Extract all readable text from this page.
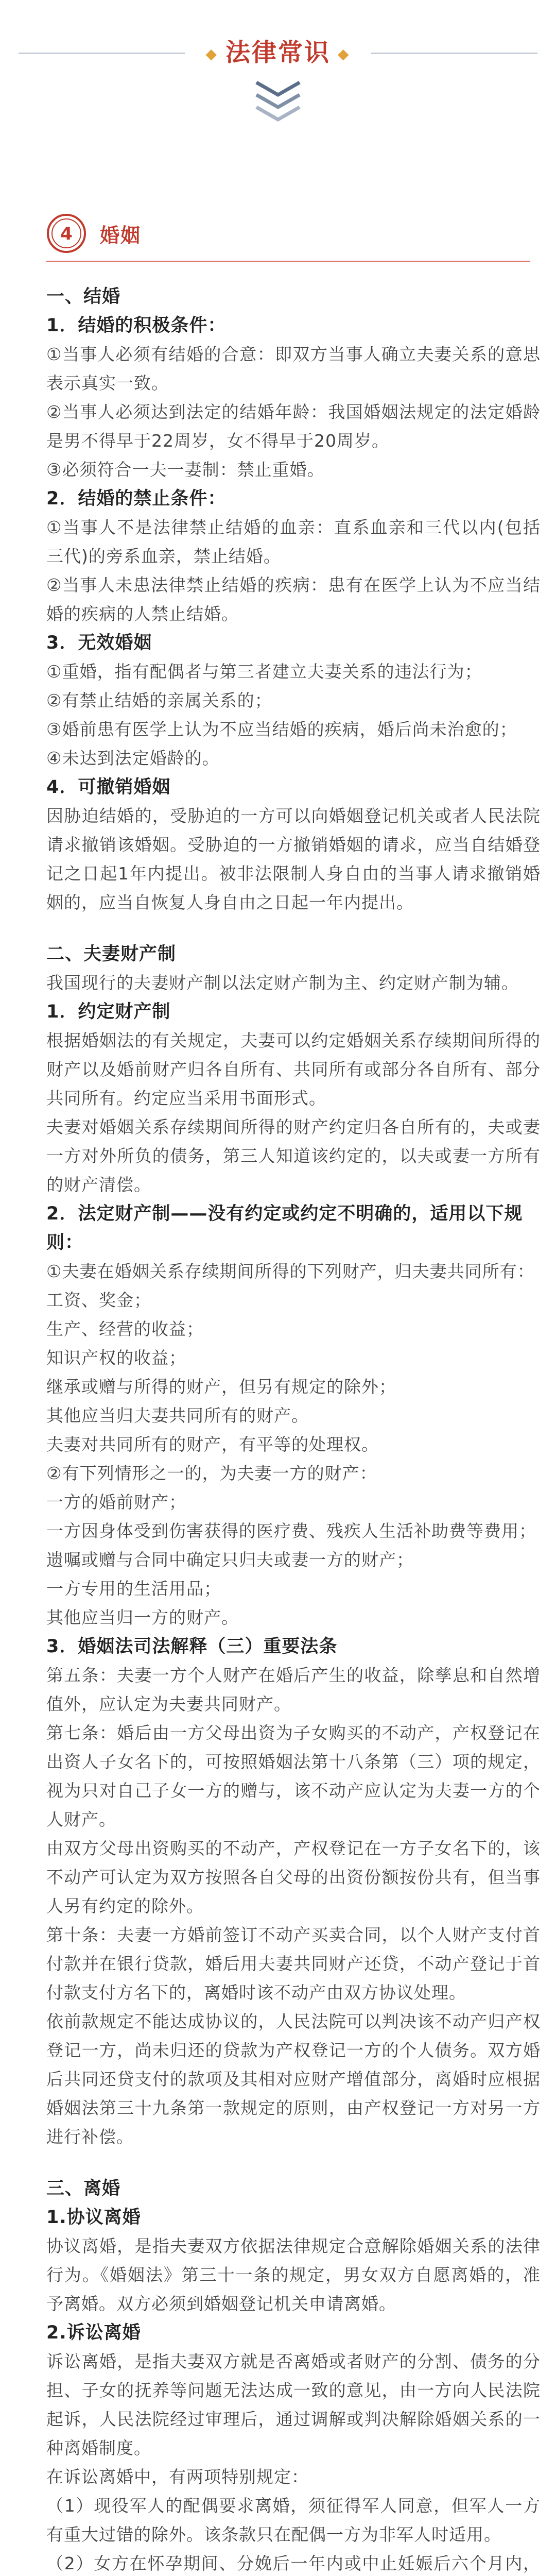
◆ 法律常识 ◆
4 婚姻

一、结婚

1．结婚的积极条件：

①当事人必须有结婚的合意：即双方当事人确立夫妻关系的意思表示真实一致。

②当事人必须达到法定的结婚年龄：我国婚姻法规定的法定婚龄是男不得早于22周岁，女不得早于20周岁。

③必须符合一夫一妻制：禁止重婚。

2．结婚的禁止条件：

①当事人不是法律禁止结婚的血亲：直系血亲和三代以内(包括三代)的旁系血亲，禁止结婚。

②当事人未患法律禁止结婚的疾病：患有在医学上认为不应当结婚的疾病的人禁止结婚。

3．无效婚姻

①重婚，指有配偶者与第三者建立夫妻关系的违法行为；

②有禁止结婚的亲属关系的；

③婚前患有医学上认为不应当结婚的疾病，婚后尚未治愈的；

④未达到法定婚龄的。

4．可撤销婚姻

因胁迫结婚的，受胁迫的一方可以向婚姻登记机关或者人民法院请求撤销该婚姻。受胁迫的一方撤销婚姻的请求，应当自结婚登记之日起1年内提出。被非法限制人身自由的当事人请求撤销婚姻的，应当自恢复人身自由之日起一年内提出。

二、夫妻财产制

我国现行的夫妻财产制以法定财产制为主、约定财产制为辅。

1．约定财产制

根据婚姻法的有关规定，夫妻可以约定婚姻关系存续期间所得的财产以及婚前财产归各自所有、共同所有或部分各自所有、部分共同所有。约定应当采用书面形式。

夫妻对婚姻关系存续期间所得的财产约定归各自所有的，夫或妻一方对外所负的债务，第三人知道该约定的，以夫或妻一方所有的财产清偿。

2．法定财产制——没有约定或约定不明确的，适用以下规则：

①夫妻在婚姻关系存续期间所得的下列财产，归夫妻共同所有：

工资、奖金；

生产、经营的收益；

知识产权的收益；

继承或赠与所得的财产，但另有规定的除外；

其他应当归夫妻共同所有的财产。

夫妻对共同所有的财产，有平等的处理权。

②有下列情形之一的，为夫妻一方的财产：

一方的婚前财产；

一方因身体受到伤害获得的医疗费、残疾人生活补助费等费用；

遗嘱或赠与合同中确定只归夫或妻一方的财产；

一方专用的生活用品；

其他应当归一方的财产。

3．婚姻法司法解释（三）重要法条

第五条：夫妻一方个人财产在婚后产生的收益，除孳息和自然增值外，应认定为夫妻共同财产。

第七条：婚后由一方父母出资为子女购买的不动产，产权登记在出资人子女名下的，可按照婚姻法第十八条第（三）项的规定，视为只对自己子女一方的赠与，该不动产应认定为夫妻一方的个人财产。

由双方父母出资购买的不动产，产权登记在一方子女名下的，该不动产可认定为双方按照各自父母的出资份额按份共有，但当事人另有约定的除外。

第十条：夫妻一方婚前签订不动产买卖合同，以个人财产支付首付款并在银行贷款，婚后用夫妻共同财产还贷，不动产登记于首付款支付方名下的，离婚时该不动产由双方协议处理。

依前款规定不能达成协议的，人民法院可以判决该不动产归产权登记一方，尚未归还的贷款为产权登记一方的个人债务。双方婚后共同还贷支付的款项及其相对应财产增值部分，离婚时应根据婚姻法第三十九条第一款规定的原则，由产权登记一方对另一方进行补偿。

三、离婚

1.协议离婚

协议离婚，是指夫妻双方依据法律规定合意解除婚姻关系的法律行为。《婚姻法》第三十一条的规定，男女双方自愿离婚的，准予离婚。双方必须到婚姻登记机关申请离婚。

2.诉讼离婚

诉讼离婚，是指夫妻双方就是否离婚或者财产的分割、债务的分担、子女的抚养等问题无法达成一致的意见，由一方向人民法院起诉，人民法院经过审理后，通过调解或判决解除婚姻关系的一种离婚制度。

在诉讼离婚中，有两项特别规定：

（1）现役军人的配偶要求离婚，须征得军人同意，但军人一方有重大过错的除外。该条款只在配偶一方为非军人时适用。

（2）女方在怀孕期间、分娩后一年内或中止妊娠后六个月内，
